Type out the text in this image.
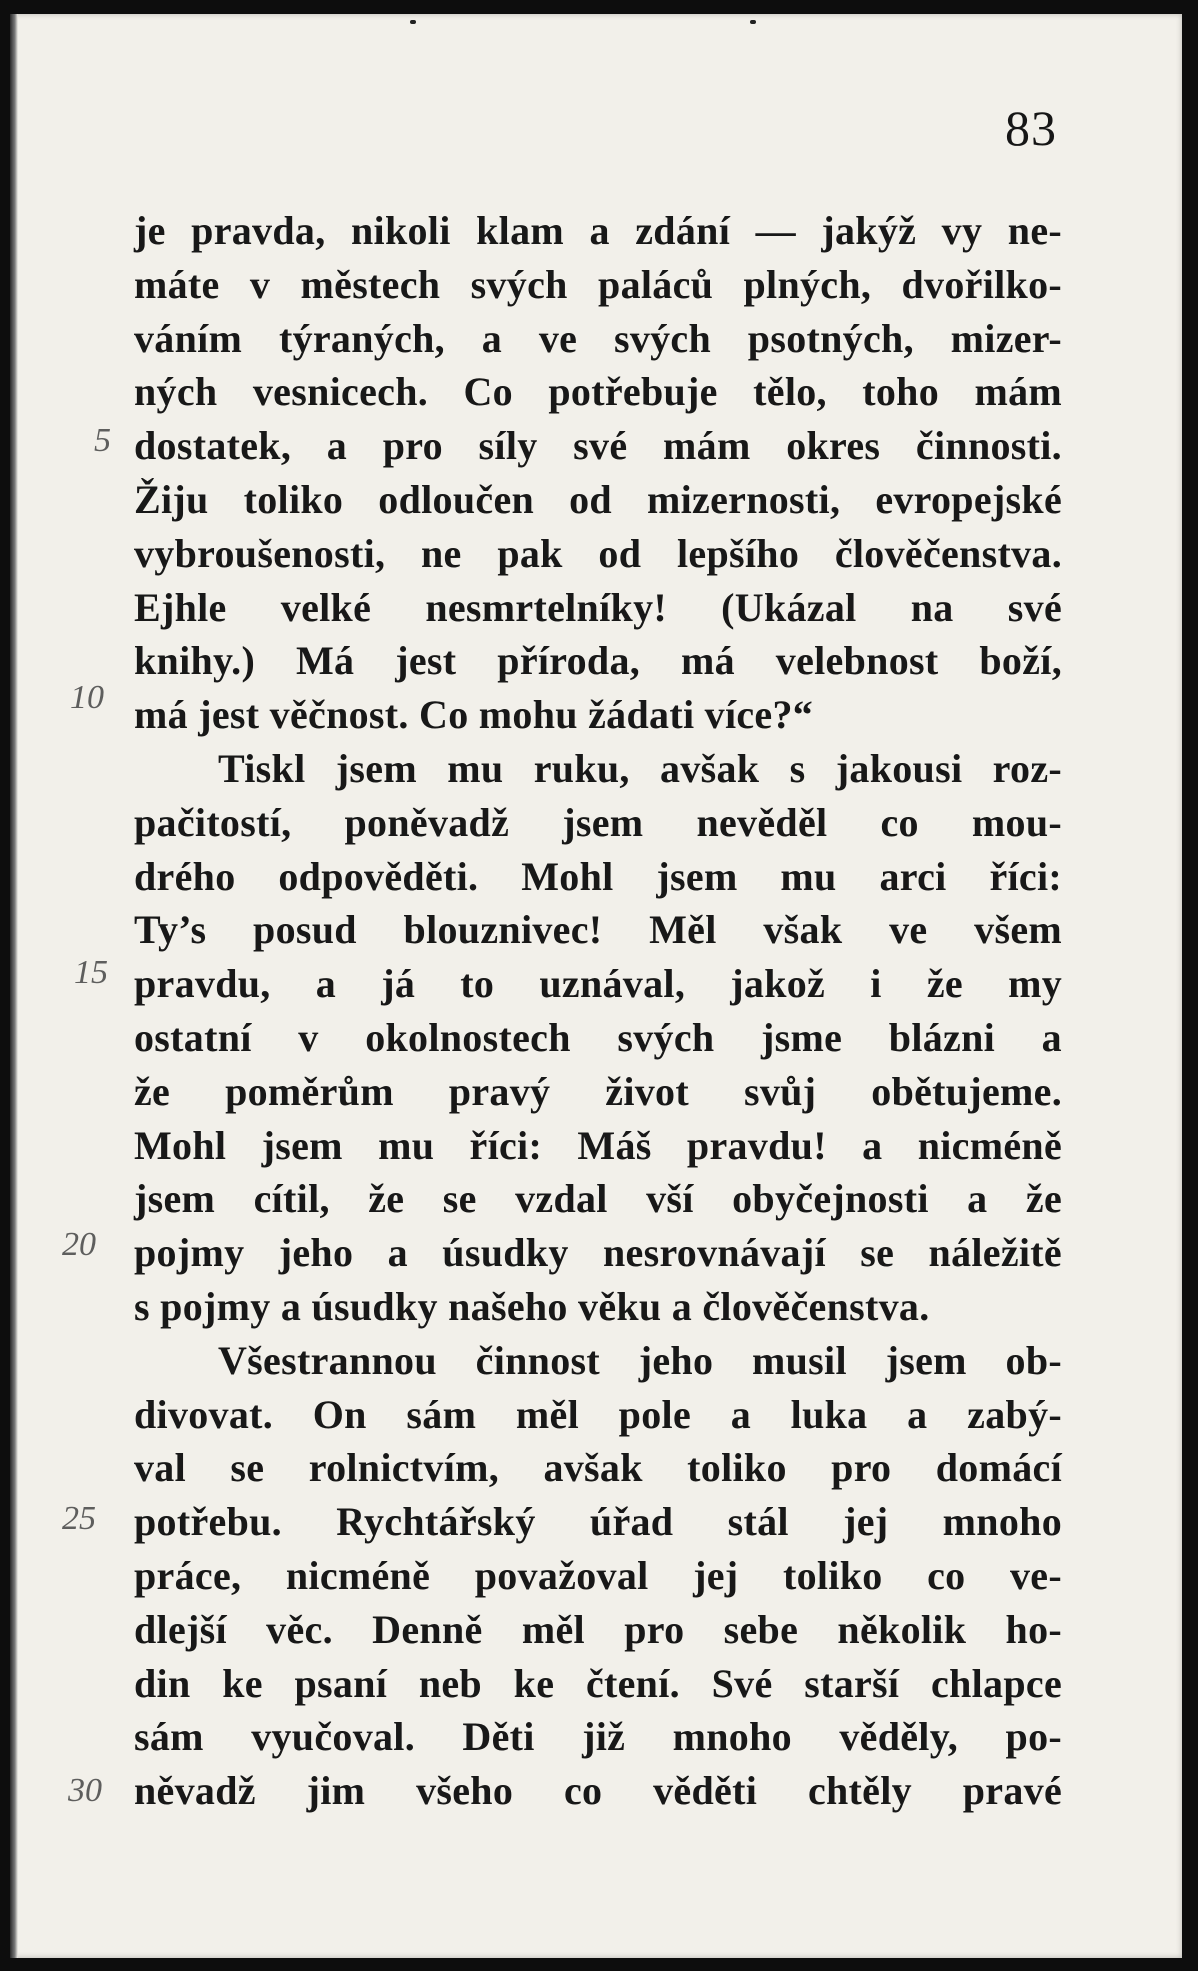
83
5
10
15
20
25
30
je pravda, nikoli klam a zdání — jakýž vy ne-
máte v městech svých paláců plných, dvořilko-
váním týraných, a ve svých psotných, mizer-
ných vesnicech. Co potřebuje tělo, toho mám
dostatek, a pro síly své mám okres činnosti.
Žiju toliko odloučen od mizernosti, evropejské
vybroušenosti, ne pak od lepšího člověčenstva.
Ejhle velké nesmrtelníky! (Ukázal na své
knihy.) Má jest příroda, má velebnost boží,
má jest věčnost. Co mohu žádati více?“
Tiskl jsem mu ruku, avšak s jakousi roz-
pačitostí, poněvadž jsem nevěděl co mou-
drého odpověděti. Mohl jsem mu arci říci:
Ty’s posud blouznivec! Měl však ve všem
pravdu, a já to uznával, jakož i že my
ostatní v okolnostech svých jsme blázni a
že poměrům pravý život svůj obětujeme.
Mohl jsem mu říci: Máš pravdu! a nicméně
jsem cítil, že se vzdal vší obyčejnosti a že
pojmy jeho a úsudky nesrovnávají se náležitě
s pojmy a úsudky našeho věku a člověčenstva.
Všestrannou činnost jeho musil jsem ob-
divovat. On sám měl pole a luka a zabý-
val se rolnictvím, avšak toliko pro domácí
potřebu. Rychtářský úřad stál jej mnoho
práce, nicméně považoval jej toliko co ve-
dlejší věc. Denně měl pro sebe několik ho-
din ke psaní neb ke čtení. Své starší chlapce
sám vyučoval. Děti již mnoho věděly, po-
něvadž jim všeho co věděti chtěly pravé
